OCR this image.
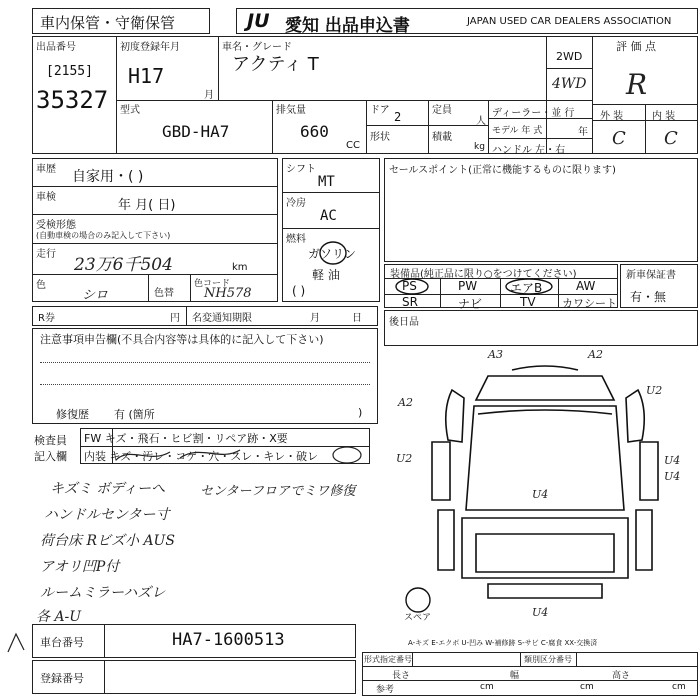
車内保管・守衛保管	JU 愛知 出品申込書	JAPAN USED CAR DEALERS ASSOCIATION
出品番号
[2155]
35327
初度登録年月
H17
月
車名・グレード
アクティ T	2WD
4WD
評 価 点
R
型式
GBD-HA7
排気量
660
CC
ドア 2
形状
定員
人
積載
kg
ディーラー・並 行
モデル 年 式	年
ハンドル 左・右
外 装	内 装
C C
車歴 自家用・( )
車検
年 月( 日)
受検形態
(自動車検の場合のみ記入して下さい)
走行
23万6千504	km
色
シロ	色替
色コード
NH578
シフト
MT
冷房
AC
燃料
ガソリン
軽 油
( )
セールスポイント(正常に機能するものに限ります)
装備品(純正品に限り○をつけてください)
PS	PW	エアB	AW
SR	ナビ	TV カワシート
新車保証書
有・無
R券	円 名変通知期限	月	日	後日品
注意事項申告欄(不具合内容等は具体的に記入して下さい)
修復歴 有 (箇所	)
検査員
記入欄
FW キズ・飛石・ヒビ割・リペア跡・X要
内装 キズ・汚レ・コゲ・穴・スレ・キレ・破レ
キズミ ボディーへ	センターフロアでミワ修復
ハンドルセンター寸
荷台床 Rビズ小 AUS
アオリ凹P付
ルームミラーハズレ
各 A-U
A3	A2
A2
U2
U2	U4
U4
U4
U4
スペア
A-キズ E-エクボ U-凹み W-補修跡 S-サビ C-腐食 XX-交換済
車台番号	HA7-1600513
登録番号
形式指定番号	類別区分番号
長さ	幅	高さ
参考	cm	cm	cm
